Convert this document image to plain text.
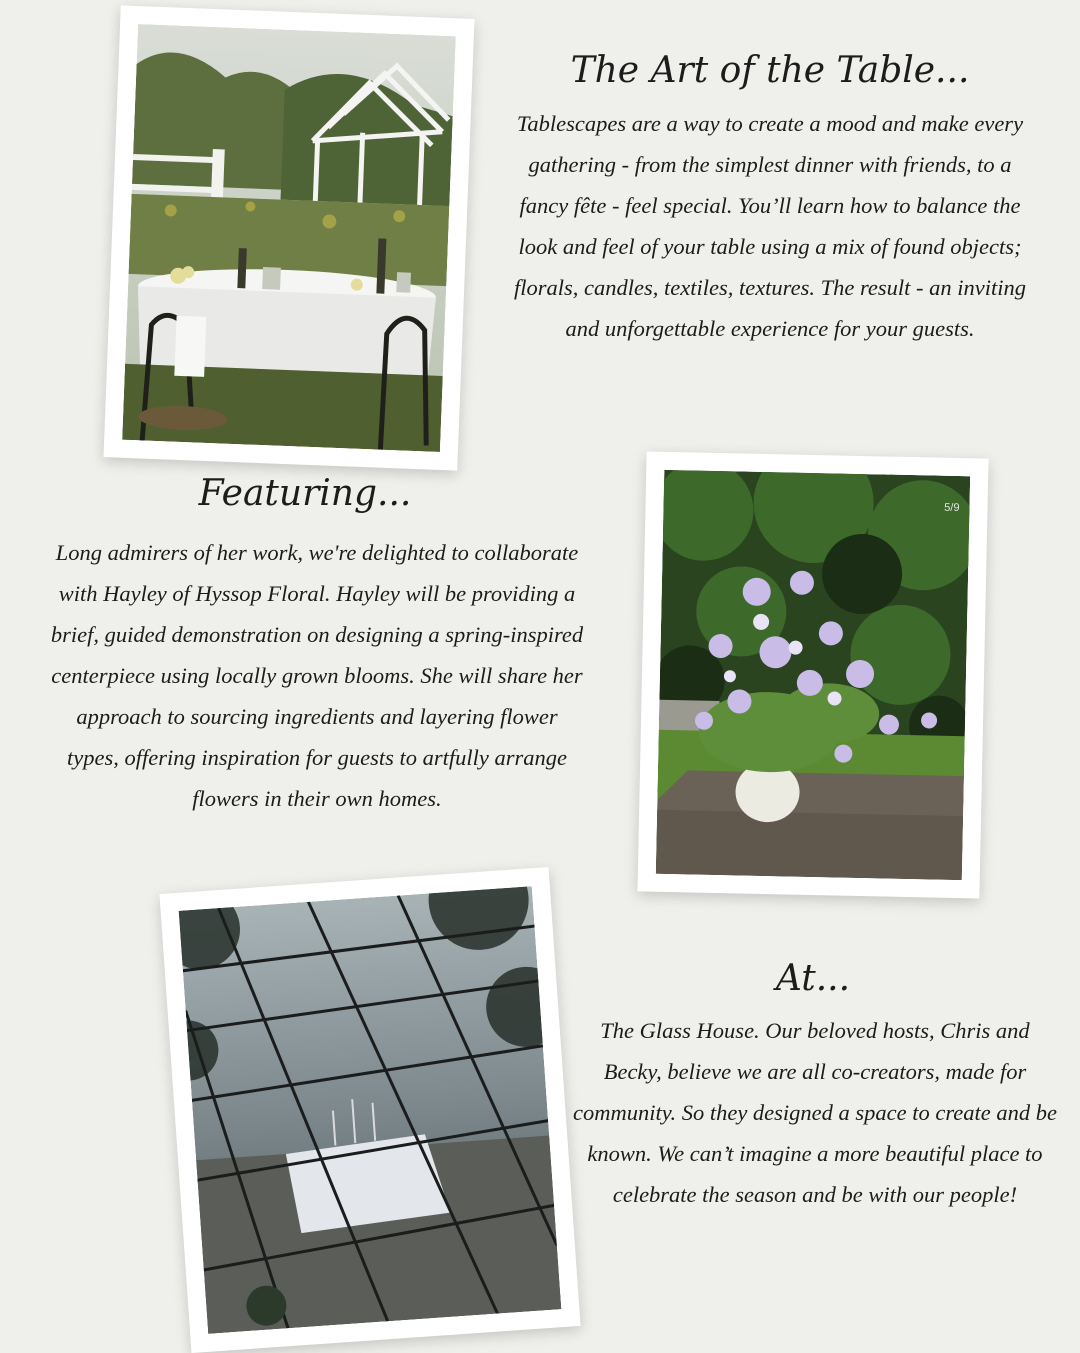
The Art of the Table...

Tablescapes are a way to create a mood and make every gathering - from the simplest dinner with friends, to a fancy fête - feel special. You’ll learn how to balance the look and feel of your table using a mix of found objects; florals, candles, textiles, textures. The result - an inviting and unforgettable experience for your guests.

5/9
Featuring...

Long admirers of her work, we're delighted to collaborate with Hayley of Hyssop Floral. Hayley will be providing a brief, guided demonstration on designing a spring-inspired centerpiece using locally grown blooms. She will share her approach to sourcing ingredients and layering flower types, offering inspiration for guests to artfully arrange flowers in their own homes.

At...

The Glass House. Our beloved hosts, Chris and Becky, believe we are all co-creators, made for community. So they designed a space to create and be known. We can’t imagine a more beautiful place to celebrate the season and be with our people!
